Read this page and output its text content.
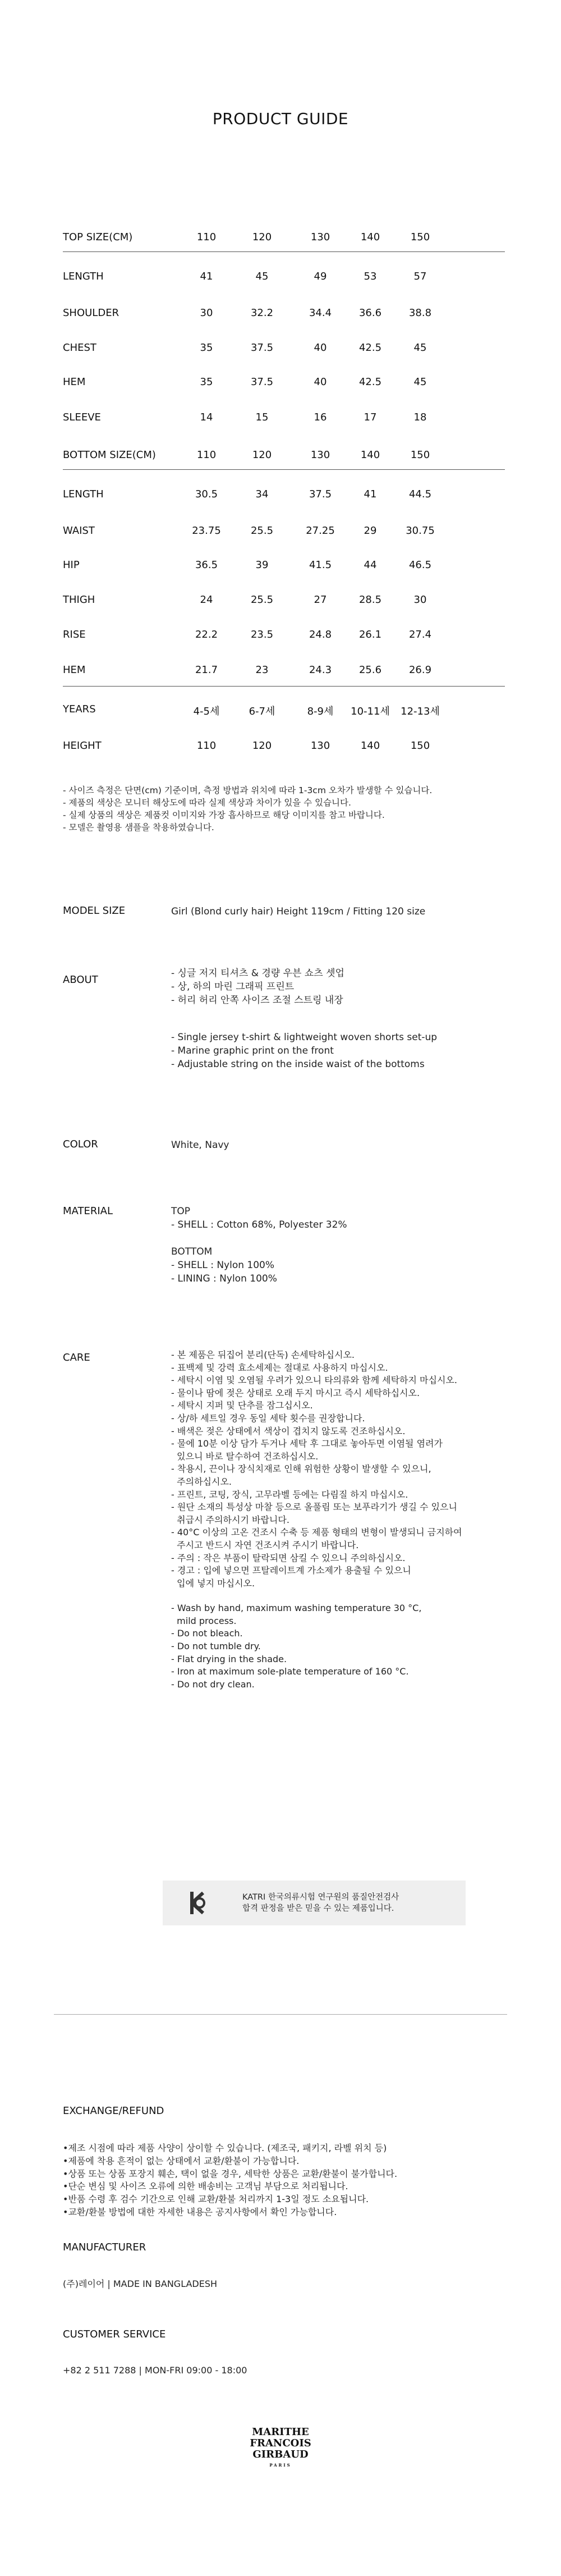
PRODUCT GUIDE
TOP SIZE(CM)	110	120	130	140	150
LENGTH	41	45	49	53	57
SHOULDER	30	32.2	34.4	36.6	38.8
CHEST	35	37.5	40	42.5	45
HEM	35	37.5	40	42.5	45
SLEEVE	14	15	16	17	18
BOTTOM SIZE(CM)	110	120	130	140	150
LENGTH	30.5	34	37.5	41	44.5
WAIST	23.75	25.5	27.25	29	30.75
HIP	36.5	39	41.5	44	46.5
THIGH	24	25.5	27	28.5	30
RISE	22.2	23.5	24.8	26.1	27.4
HEM	21.7	23	24.3	25.6	26.9
YEARS	4-5세	6-7세	8-9세	10-11세	12-13세
HEIGHT	110	120	130	140	150
- 사이즈 측정은 단면(cm) 기준이며, 측정 방법과 위치에 따라 1-3cm 오차가 발생할 수 있습니다.
- 제품의 색상은 모니터 해상도에 따라 실제 색상과 차이가 있을 수 있습니다.
- 실제 상품의 색상은 제품컷 이미지와 가장 흡사하므로 해당 이미지를 참고 바랍니다.
- 모델은 촬영용 샘플을 착용하였습니다.
MODEL SIZE	Girl (Blond curly hair) Height 119cm / Fitting 120 size
ABOUT
- 싱글 저지 티셔츠 & 경량 우븐 쇼츠 셋업
- 상, 하의 마린 그래픽 프린트
- 허리 허리 안쪽 사이즈 조절 스트링 내장
- Single jersey t-shirt & lightweight woven shorts set-up
- Marine graphic print on the front
- Adjustable string on the inside waist of the bottoms
COLOR	White, Navy
MATERIAL	TOP
- SHELL : Cotton 68%, Polyester 32%

BOTTOM
- SHELL : Nylon 100%
- LINING : Nylon 100%
CARE	- 본 제품은 뒤집어 분리(단독) 손세탁하십시오.
- 표백제 및 강력 효소세제는 절대로 사용하지 마십시오.
- 세탁시 이염 및 오염될 우려가 있으니 타의류와 함께 세탁하지 마십시오.
- 물이나 땀에 젖은 상태로 오래 두지 마시고 즉시 세탁하십시오.
- 세탁시 지퍼 및 단추를 잠그십시오.
- 상/하 세트일 경우 동일 세탁 횟수를 권장합니다.
- 배색은 젖은 상태에서 색상이 겹치지 않도록 건조하십시오.
- 물에 10분 이상 담가 두거나 세탁 후 그대로 놓아두면 이염될 염려가
있으니 바로 탈수하여 건조하십시오.
- 착용시, 끈이나 장식치재로 인해 위험한 상황이 발생할 수 있으니,
주의하십시오.
- 프린트, 코팅, 장식, 고무라벨 등에는 다림질 하지 마십시오.
- 원단 소재의 특성상 마찰 등으로 올풀림 또는 보푸라기가 생길 수 있으니
취급시 주의하시기 바랍니다.
- 40°C 이상의 고온 건조시 수축 등 제품 형태의 변형이 발생되니 금지하여
주시고 반드시 자연 건조시켜 주시기 바랍니다.
- 주의 : 작은 부품이 탈락되면 삼킬 수 있으니 주의하십시오.
- 경고 : 입에 넣으면 프탈레이트계 가소제가 용출될 수 있으니
입에 넣지 마십시오.
- Wash by hand, maximum washing temperature 30 °C,
mild process.
- Do not bleach.
- Do not tumble dry.
- Flat drying in the shade.
- Iron at maximum sole-plate temperature of 160 °C.
- Do not dry clean.
KATRI 한국의류시험 연구원의 품질안전검사
합격 판정을 받은 믿을 수 있는 제품입니다.
EXCHANGE/REFUND
•제조 시점에 따라 제품 사양이 상이할 수 있습니다. (제조국, 패키지, 라벨 위치 등)
•제품에 착용 흔적이 없는 상태에서 교환/환불이 가능합니다.
•상품 또는 상품 포장지 훼손, 택이 없을 경우, 세탁한 상품은 교환/환불이 불가합니다.
•단순 변심 및 사이즈 오류에 의한 배송비는 고객님 부담으로 처리됩니다.
•반품 수령 후 검수 기간으로 인해 교환/환불 처리까지 1-3일 정도 소요됩니다.
•교환/환불 방법에 대한 자세한 내용은 공지사항에서 확인 가능합니다.
MANUFACTURER
(주)레이어 | MADE IN BANGLADESH
CUSTOMER SERVICE
+82 2 511 7288 | MON-FRI 09:00 - 18:00
MARITHE
FRANCOIS
GIRBAUD
PARIS
